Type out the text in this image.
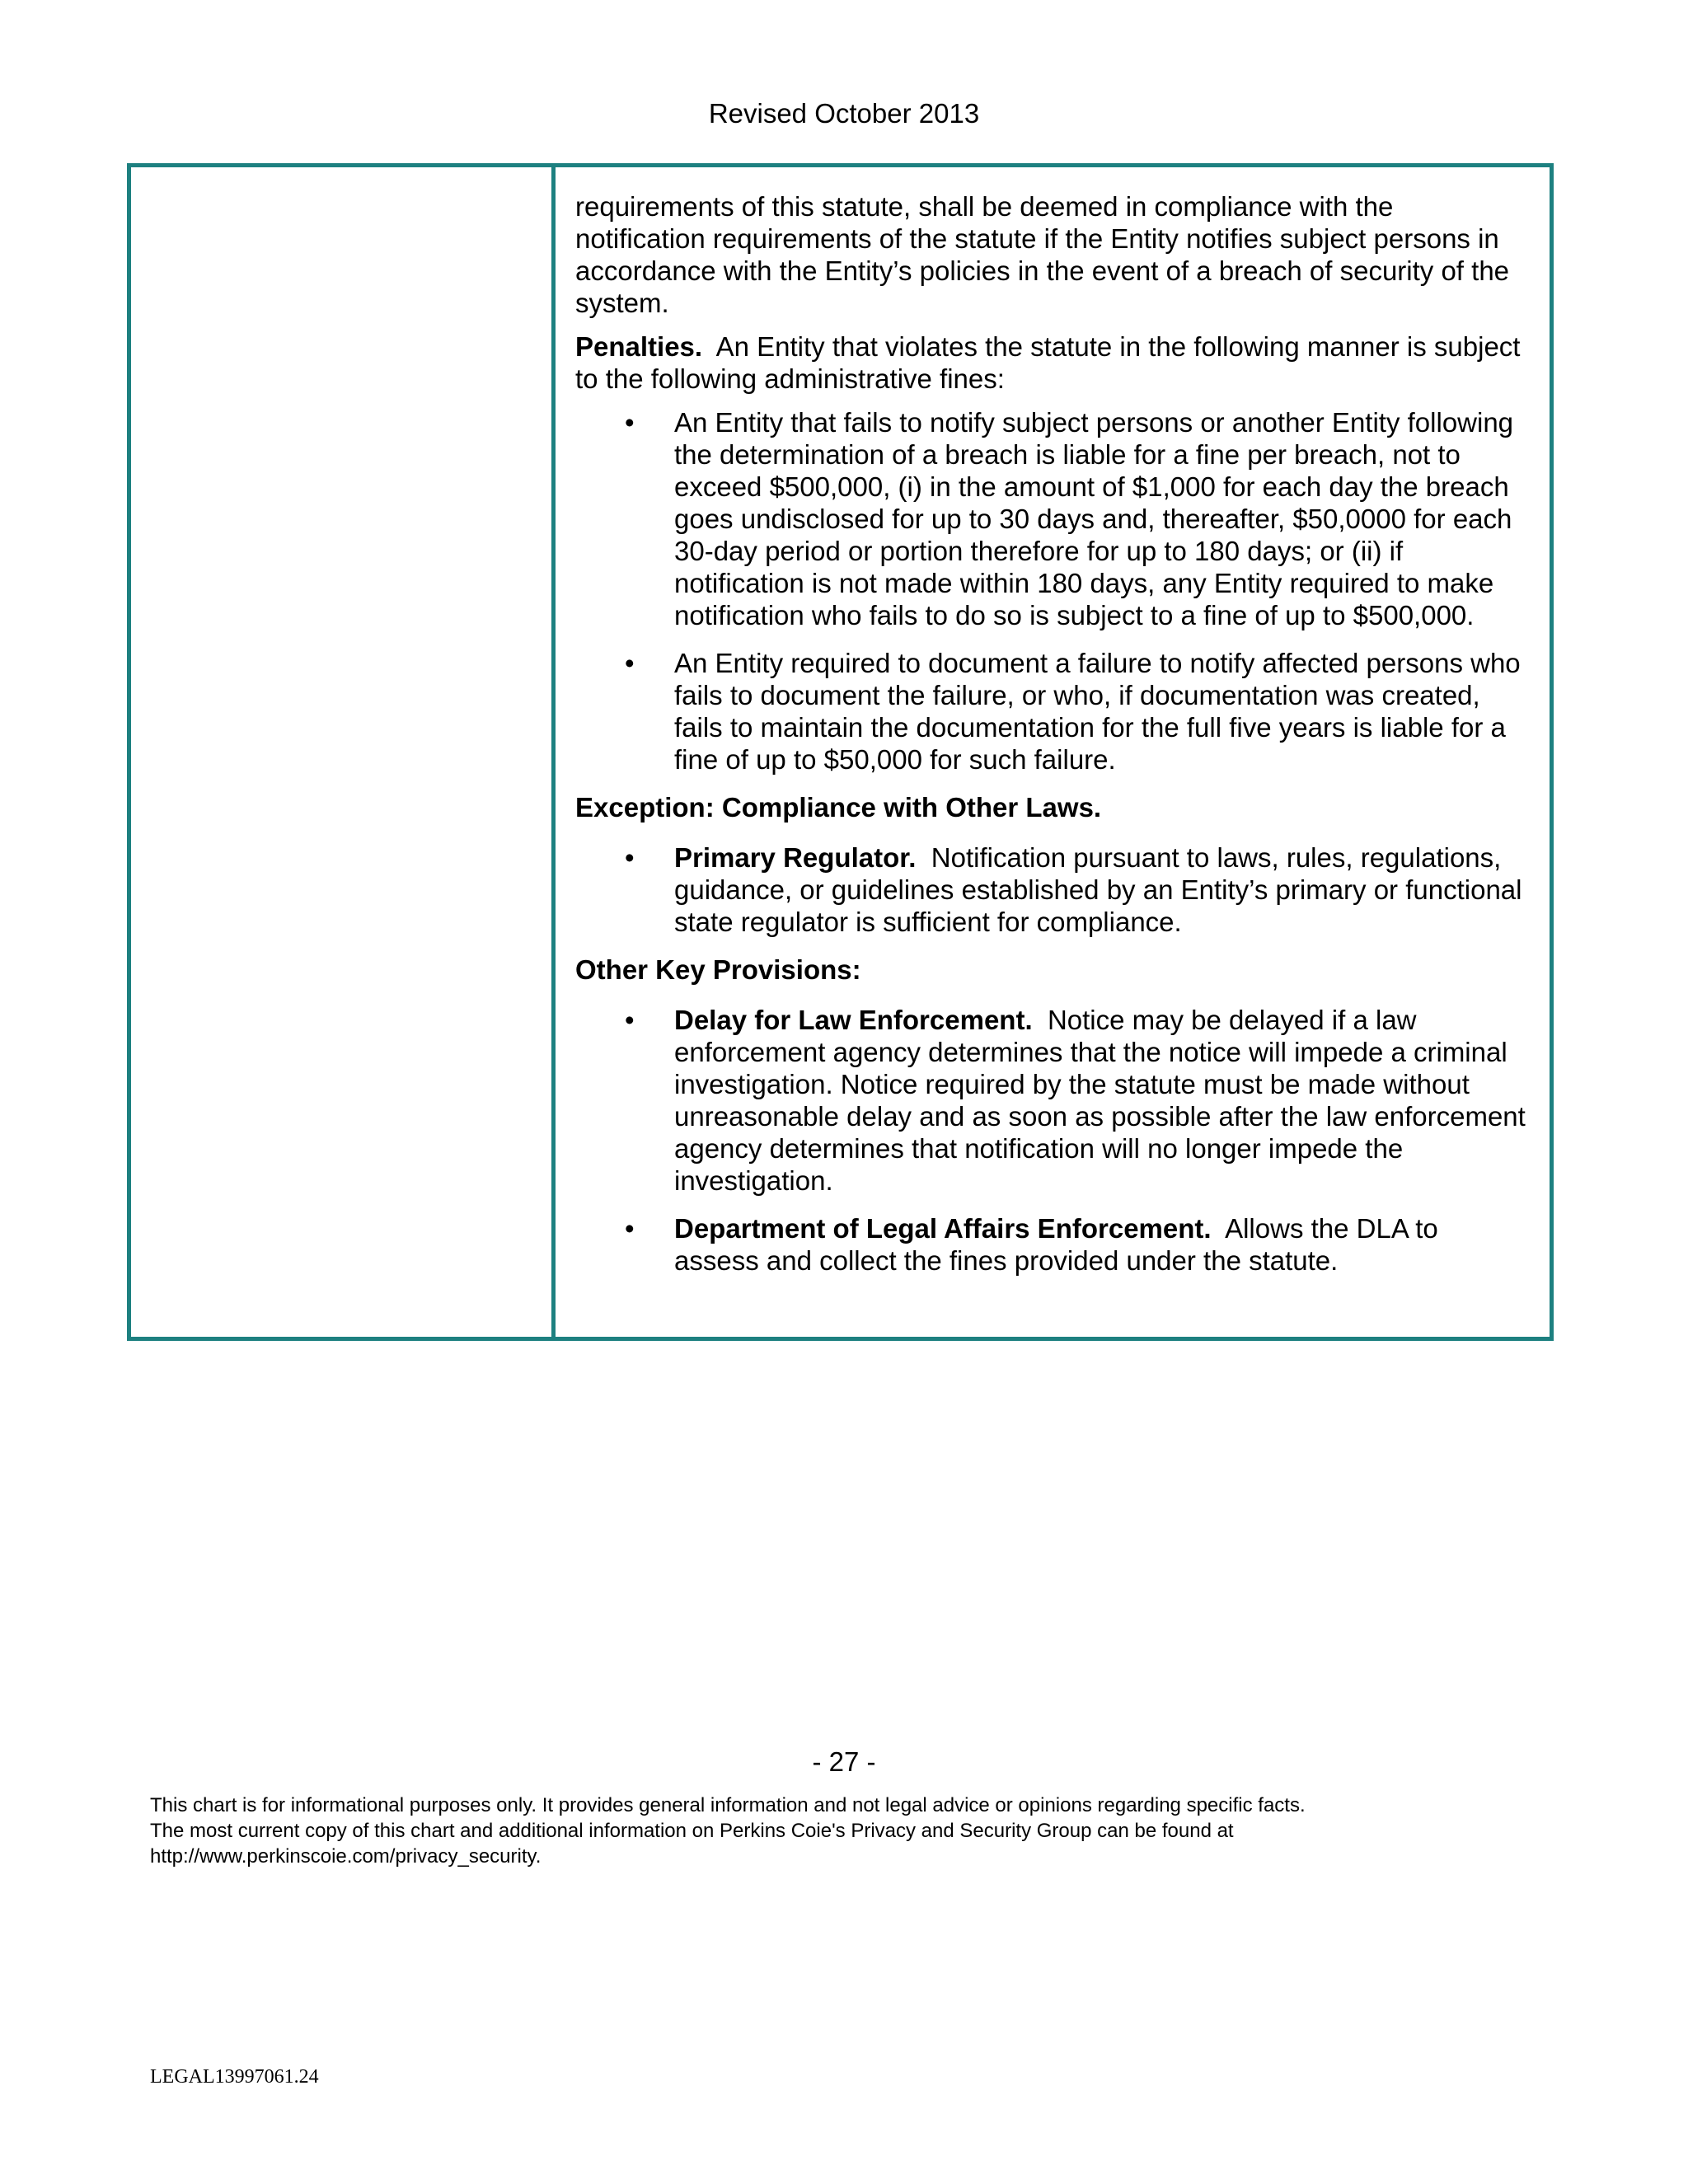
Revised October 2013

requirements of this statute, shall be deemed in compliance with the notification requirements of the statute if the Entity notifies subject persons in accordance with the Entity’s policies in the event of a breach of security of the system.

Penalties. An Entity that violates the statute in the following manner is subject to the following administrative fines:

• An Entity that fails to notify subject persons or another Entity following the determination of a breach is liable for a fine per breach, not to exceed $500,000, (i) in the amount of $1,000 for each day the breach goes undisclosed for up to 30 days and, thereafter, $50,0000 for each 30-day period or portion therefore for up to 180 days; or (ii) if notification is not made within 180 days, any Entity required to make notification who fails to do so is subject to a fine of up to $500,000.
• An Entity required to document a failure to notify affected persons who fails to document the failure, or who, if documentation was created, fails to maintain the documentation for the full five years is liable for a fine of up to $50,000 for such failure.

Exception: Compliance with Other Laws.

• Primary Regulator. Notification pursuant to laws, rules, regulations, guidance, or guidelines established by an Entity’s primary or functional state regulator is sufficient for compliance.

Other Key Provisions:

• Delay for Law Enforcement. Notice may be delayed if a law enforcement agency determines that the notice will impede a criminal investigation. Notice required by the statute must be made without unreasonable delay and as soon as possible after the law enforcement agency determines that notification will no longer impede the investigation.
• Department of Legal Affairs Enforcement. Allows the DLA to assess and collect the fines provided under the statute.
- 27 -
This chart is for informational purposes only. It provides general information and not legal advice or opinions regarding specific facts.
The most current copy of this chart and additional information on Perkins Coie's Privacy and Security Group can be found at
http://www.perkinscoie.com/privacy_security.
LEGAL13997061.24
